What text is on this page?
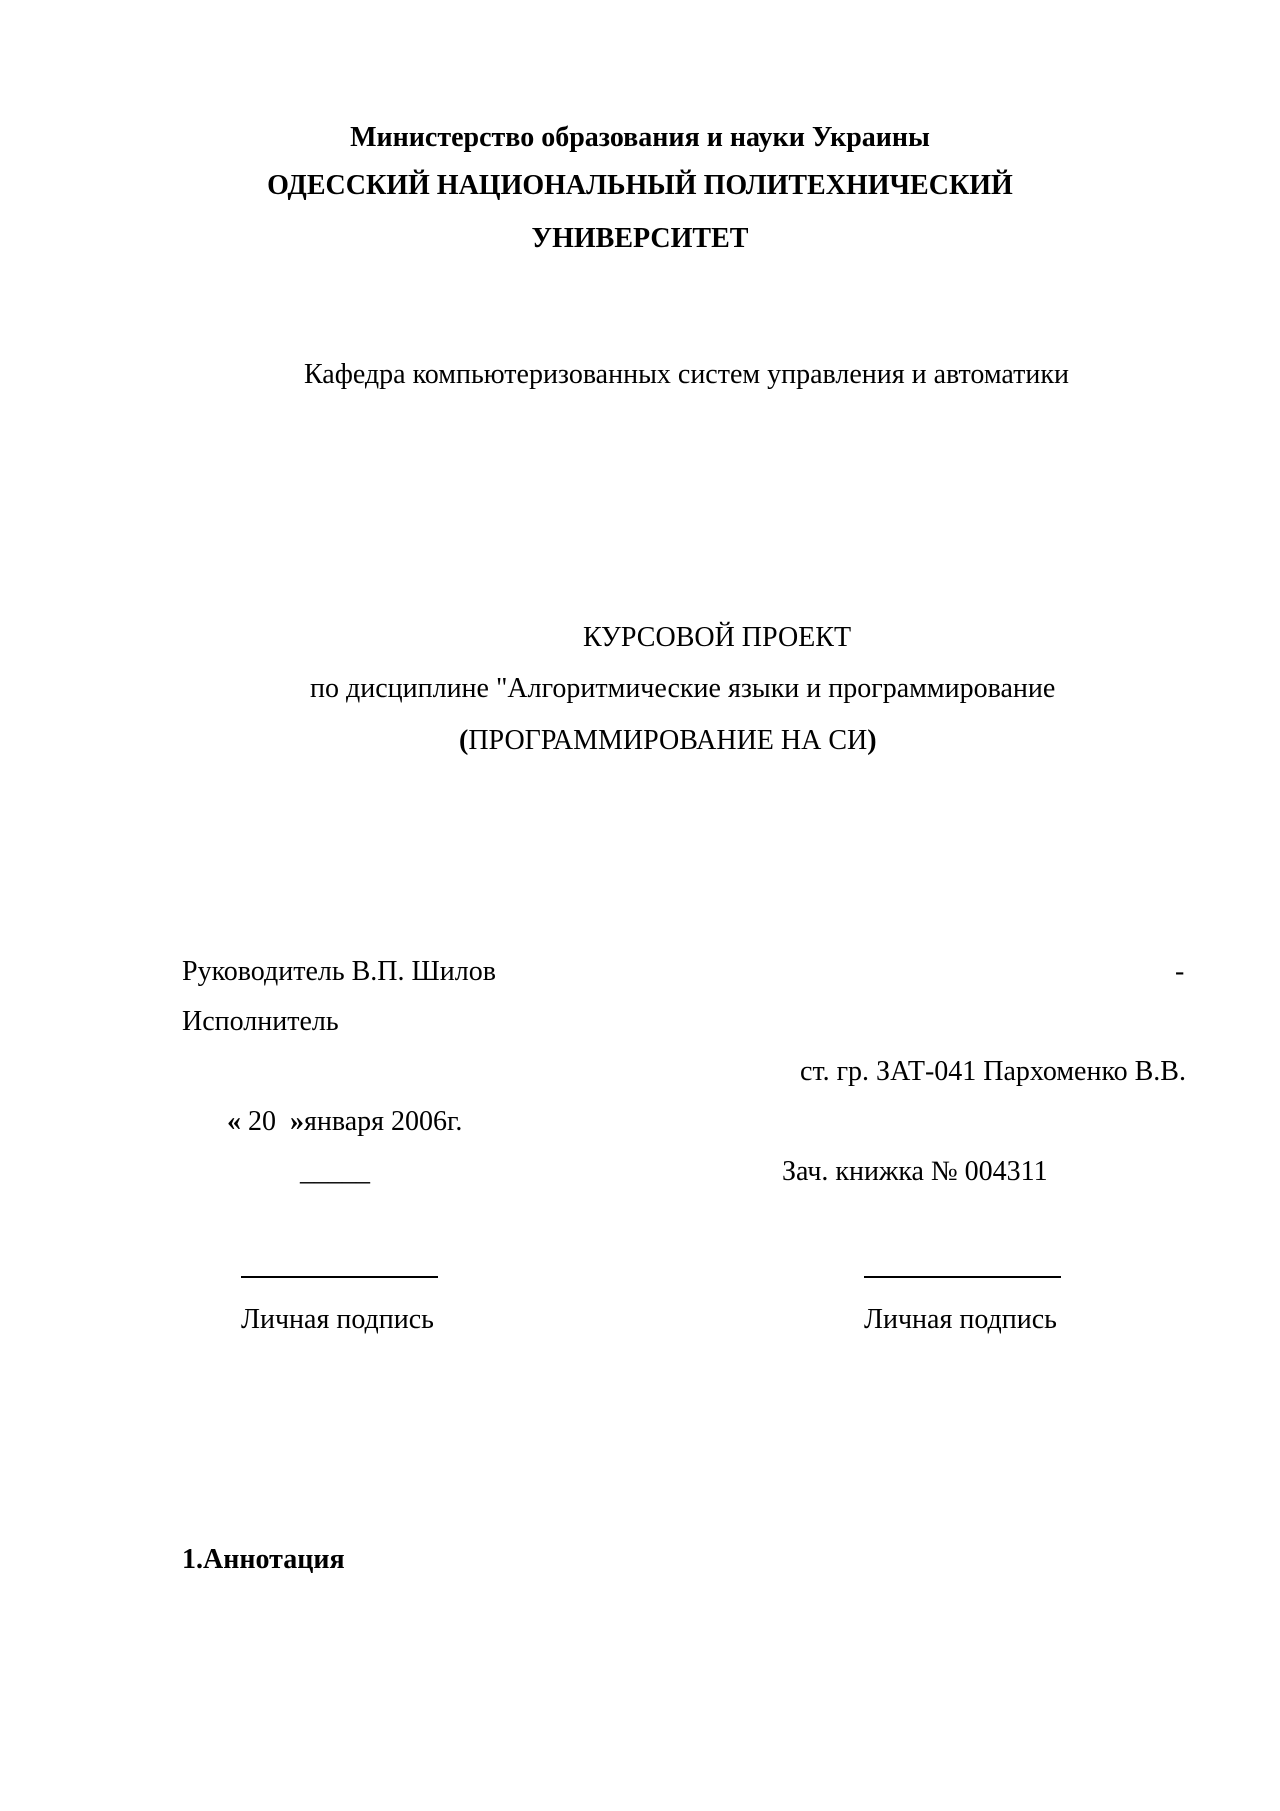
Министерство образования и науки Украины
ОДЕССКИЙ НАЦИОНАЛЬНЫЙ ПОЛИТЕХНИЧЕСКИЙ
УНИВЕРСИТЕТ
Кафедра компьютеризованных систем управления и автоматики
КУРСОВОЙ ПРОЕКТ
по дисциплине "Алгоритмические языки и программирование
(ПРОГРАММИРОВАНИЕ НА СИ)
Руководитель В.П. Шилов	-
Исполнитель
ст. гр. ЗАТ-041 Пархоменко В.В.
« 20 »января 2006г.
_____	Зач. книжка № 004311
Личная подпись	Личная подпись
1.Аннотация
